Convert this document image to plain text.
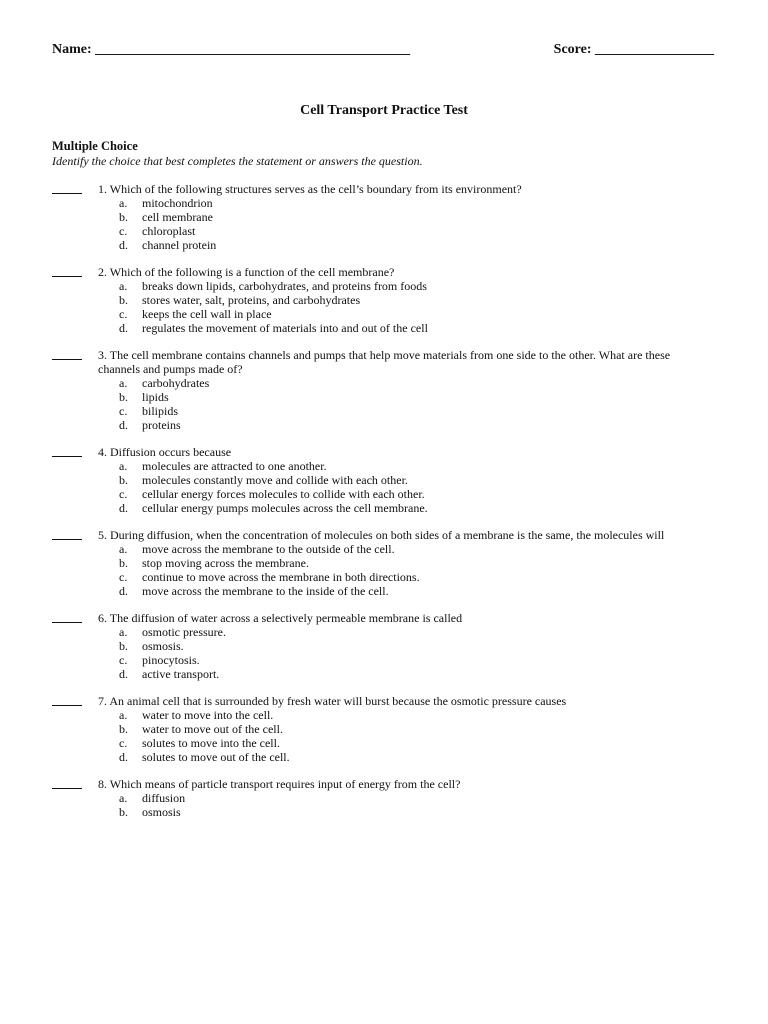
Name: _____________________________________________	Score: _________________
Cell Transport Practice Test
Multiple Choice
Identify the choice that best completes the statement or answers the question.
1. Which of the following structures serves as the cell’s boundary from its environment?
a. mitochondrion
b. cell membrane
c. chloroplast
d. channel protein
2. Which of the following is a function of the cell membrane?
a. breaks down lipids, carbohydrates, and proteins from foods
b. stores water, salt, proteins, and carbohydrates
c. keeps the cell wall in place
d. regulates the movement of materials into and out of the cell
3. The cell membrane contains channels and pumps that help move materials from one side to the other. What are these channels and pumps made of?
a. carbohydrates
b. lipids
c. bilipids
d. proteins
4. Diffusion occurs because
a. molecules are attracted to one another.
b. molecules constantly move and collide with each other.
c. cellular energy forces molecules to collide with each other.
d. cellular energy pumps molecules across the cell membrane.
5. During diffusion, when the concentration of molecules on both sides of a membrane is the same, the molecules will
a. move across the membrane to the outside of the cell.
b. stop moving across the membrane.
c. continue to move across the membrane in both directions.
d. move across the membrane to the inside of the cell.
6. The diffusion of water across a selectively permeable membrane is called
a. osmotic pressure.
b. osmosis.
c. pinocytosis.
d. active transport.
7. An animal cell that is surrounded by fresh water will burst because the osmotic pressure causes
a. water to move into the cell.
b. water to move out of the cell.
c. solutes to move into the cell.
d. solutes to move out of the cell.
8. Which means of particle transport requires input of energy from the cell?
a. diffusion
b. osmosis
